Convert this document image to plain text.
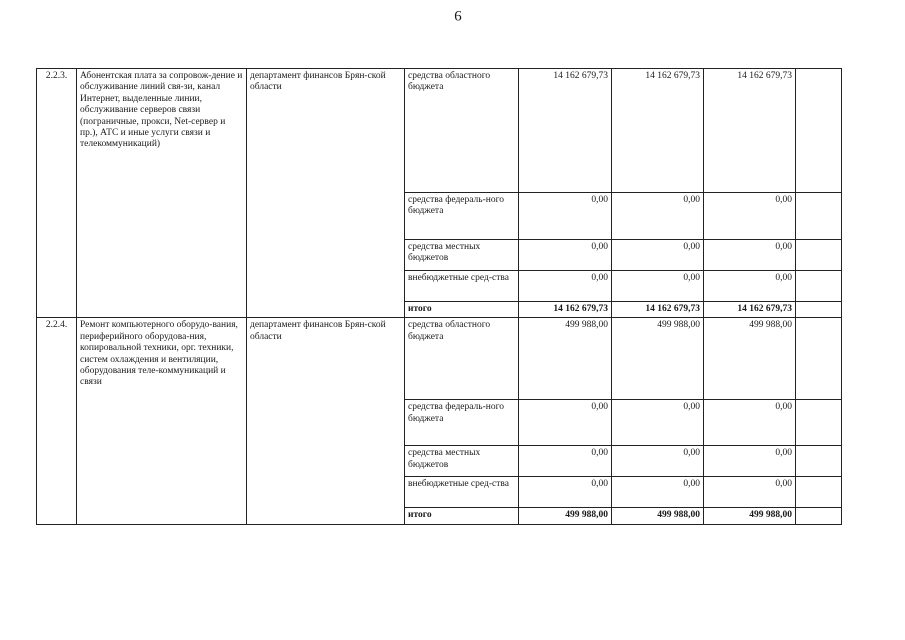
9
2.2.3.	Абонентская плата за сопровож-дение и обслуживание линий свя-зи, канал Интернет, выделенные линии, обслуживание серверов связи (пограничные, прокси, Net-сервер и пр.), АТС и иные услуги связи и телекоммуникаций)	департамент финансов Брян-ской области	средства областного бюджета	14 162 679,73	14 162 679,73	14 162 679,73	
			средства федераль-ного бюджета	0,00	0,00	0,00	
			средства местных бюджетов	0,00	0,00	0,00	
			внебюджетные сред-ства	0,00	0,00	0,00	
			итого	14 162 679,73	14 162 679,73	14 162 679,73	
2.2.4.	Ремонт компьютерного оборудо-вания, периферийного оборудова-ния, копировальной техники, орг. техники, систем охлаждения и вентиляции, оборудования теле-коммуникаций и связи	департамент финансов Брян-ской области	средства областного бюджета	499 988,00	499 988,00	499 988,00	
			средства федераль-ного бюджета	0,00	0,00	0,00	
			средства местных бюджетов	0,00	0,00	0,00	
			внебюджетные сред-ства	0,00	0,00	0,00	
			итого	499 988,00	499 988,00	499 988,00	
